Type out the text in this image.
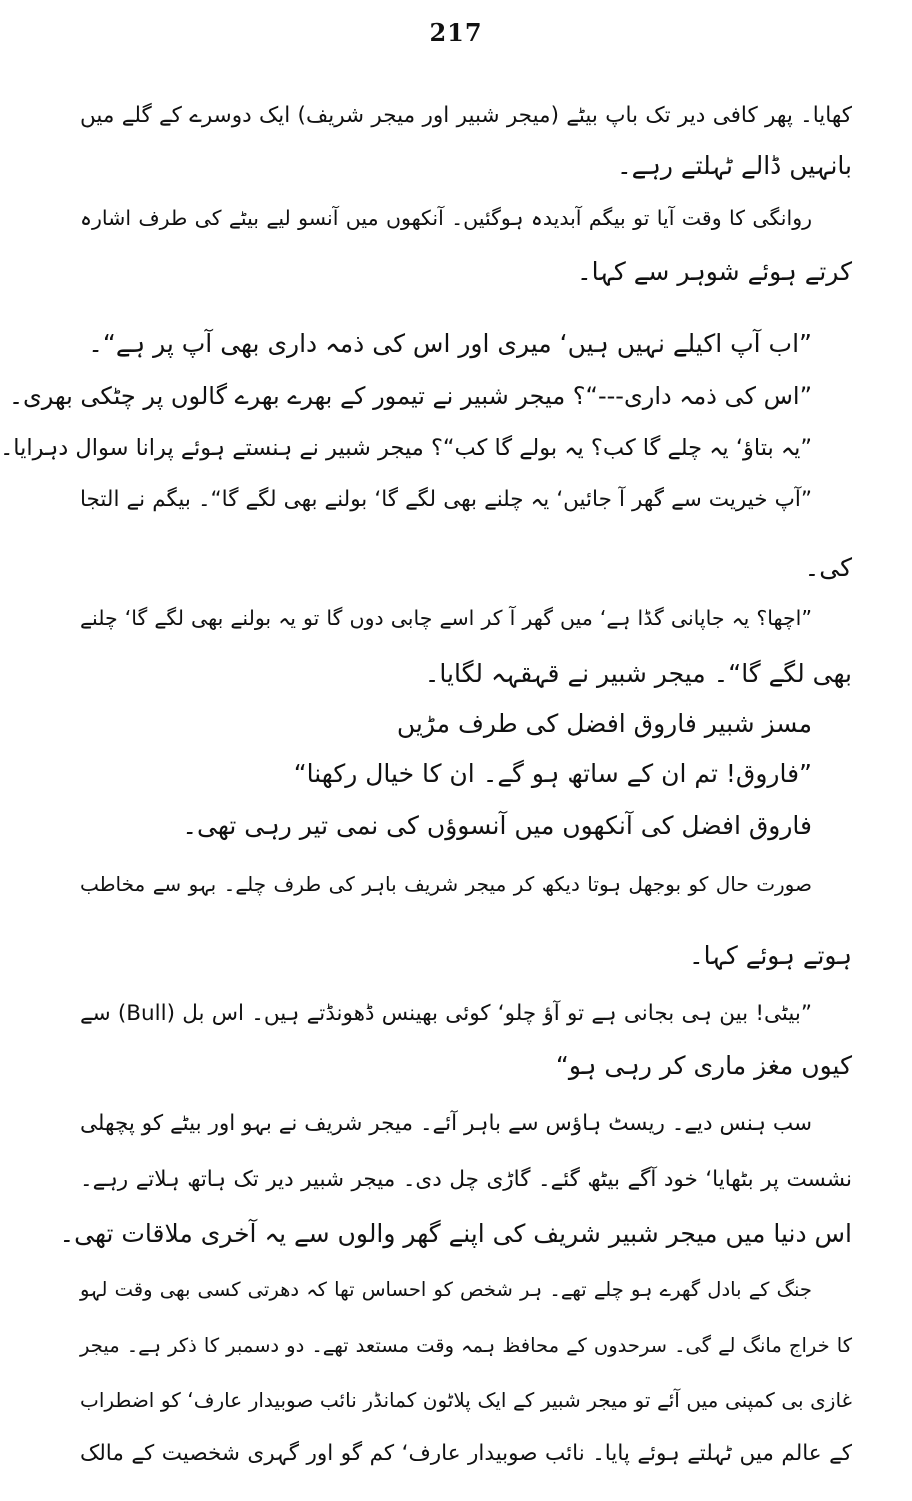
217
کھایا۔ پھر کافی دیر تک باپ بیٹے (میجر شبیر اور میجر شریف) ایک دوسرے کے گلے میں
بانہیں ڈالے ٹہلتے رہے۔
روانگی کا وقت آیا تو بیگم آبدیدہ ہوگئیں۔ آنکھوں میں آنسو لیے بیٹے کی طرف اشارہ
کرتے ہوئے شوہر سے کہا۔
”اب آپ اکیلے نہیں ہیں‘ میری اور اس کی ذمہ داری بھی آپ پر ہے“۔
”اس کی ذمہ داری---“؟ میجر شبیر نے تیمور کے بھرے بھرے گالوں پر چٹکی بھری۔
”یہ بتاؤ‘ یہ چلے گا کب؟ یہ بولے گا کب“؟ میجر شبیر نے ہنستے ہوئے پرانا سوال دہرایا۔
”آپ خیریت سے گھر آ جائیں‘ یہ چلنے بھی لگے گا‘ بولنے بھی لگے گا“۔ بیگم نے التجا
کی۔
”اچھا؟ یہ جاپانی گڈا ہے‘ میں گھر آ کر اسے چابی دوں گا تو یہ بولنے بھی لگے گا‘ چلنے
بھی لگے گا“۔ میجر شبیر نے قہقہہ لگایا۔
مسز شبیر فاروق افضل کی طرف مڑیں
”فاروق! تم ان کے ساتھ ہو گے۔ ان کا خیال رکھنا“
فاروق افضل کی آنکھوں میں آنسوؤں کی نمی تیر رہی تھی۔
صورت حال کو بوجھل ہوتا دیکھ کر میجر شریف باہر کی طرف چلے۔ بہو سے مخاطب
ہوتے ہوئے کہا۔
”بیٹی! بین ہی بجانی ہے تو آؤ چلو‘ کوئی بھینس ڈھونڈتے ہیں۔ اس بل (Bull) سے
کیوں مغز ماری کر رہی ہو“
سب ہنس دیے۔ ریسٹ ہاؤس سے باہر آئے۔ میجر شریف نے بہو اور بیٹے کو پچھلی
نشست پر بٹھایا‘ خود آگے بیٹھ گئے۔ گاڑی چل دی۔ میجر شبیر دیر تک ہاتھ ہلاتے رہے۔
اس دنیا میں میجر شبیر شریف کی اپنے گھر والوں سے یہ آخری ملاقات تھی۔
جنگ کے بادل گھرے ہو چلے تھے۔ ہر شخص کو احساس تھا کہ دھرتی کسی بھی وقت لہو
کا خراج مانگ لے گی۔ سرحدوں کے محافظ ہمہ وقت مستعد تھے۔ دو دسمبر کا ذکر ہے۔ میجر
غازی بی کمپنی میں آئے تو میجر شبیر کے ایک پلاٹون کمانڈر نائب صوبیدار عارف‘ کو اضطراب
کے عالم میں ٹہلتے ہوئے پایا۔ نائب صوبیدار عارف‘ کم گو اور گہری شخصیت کے مالک
